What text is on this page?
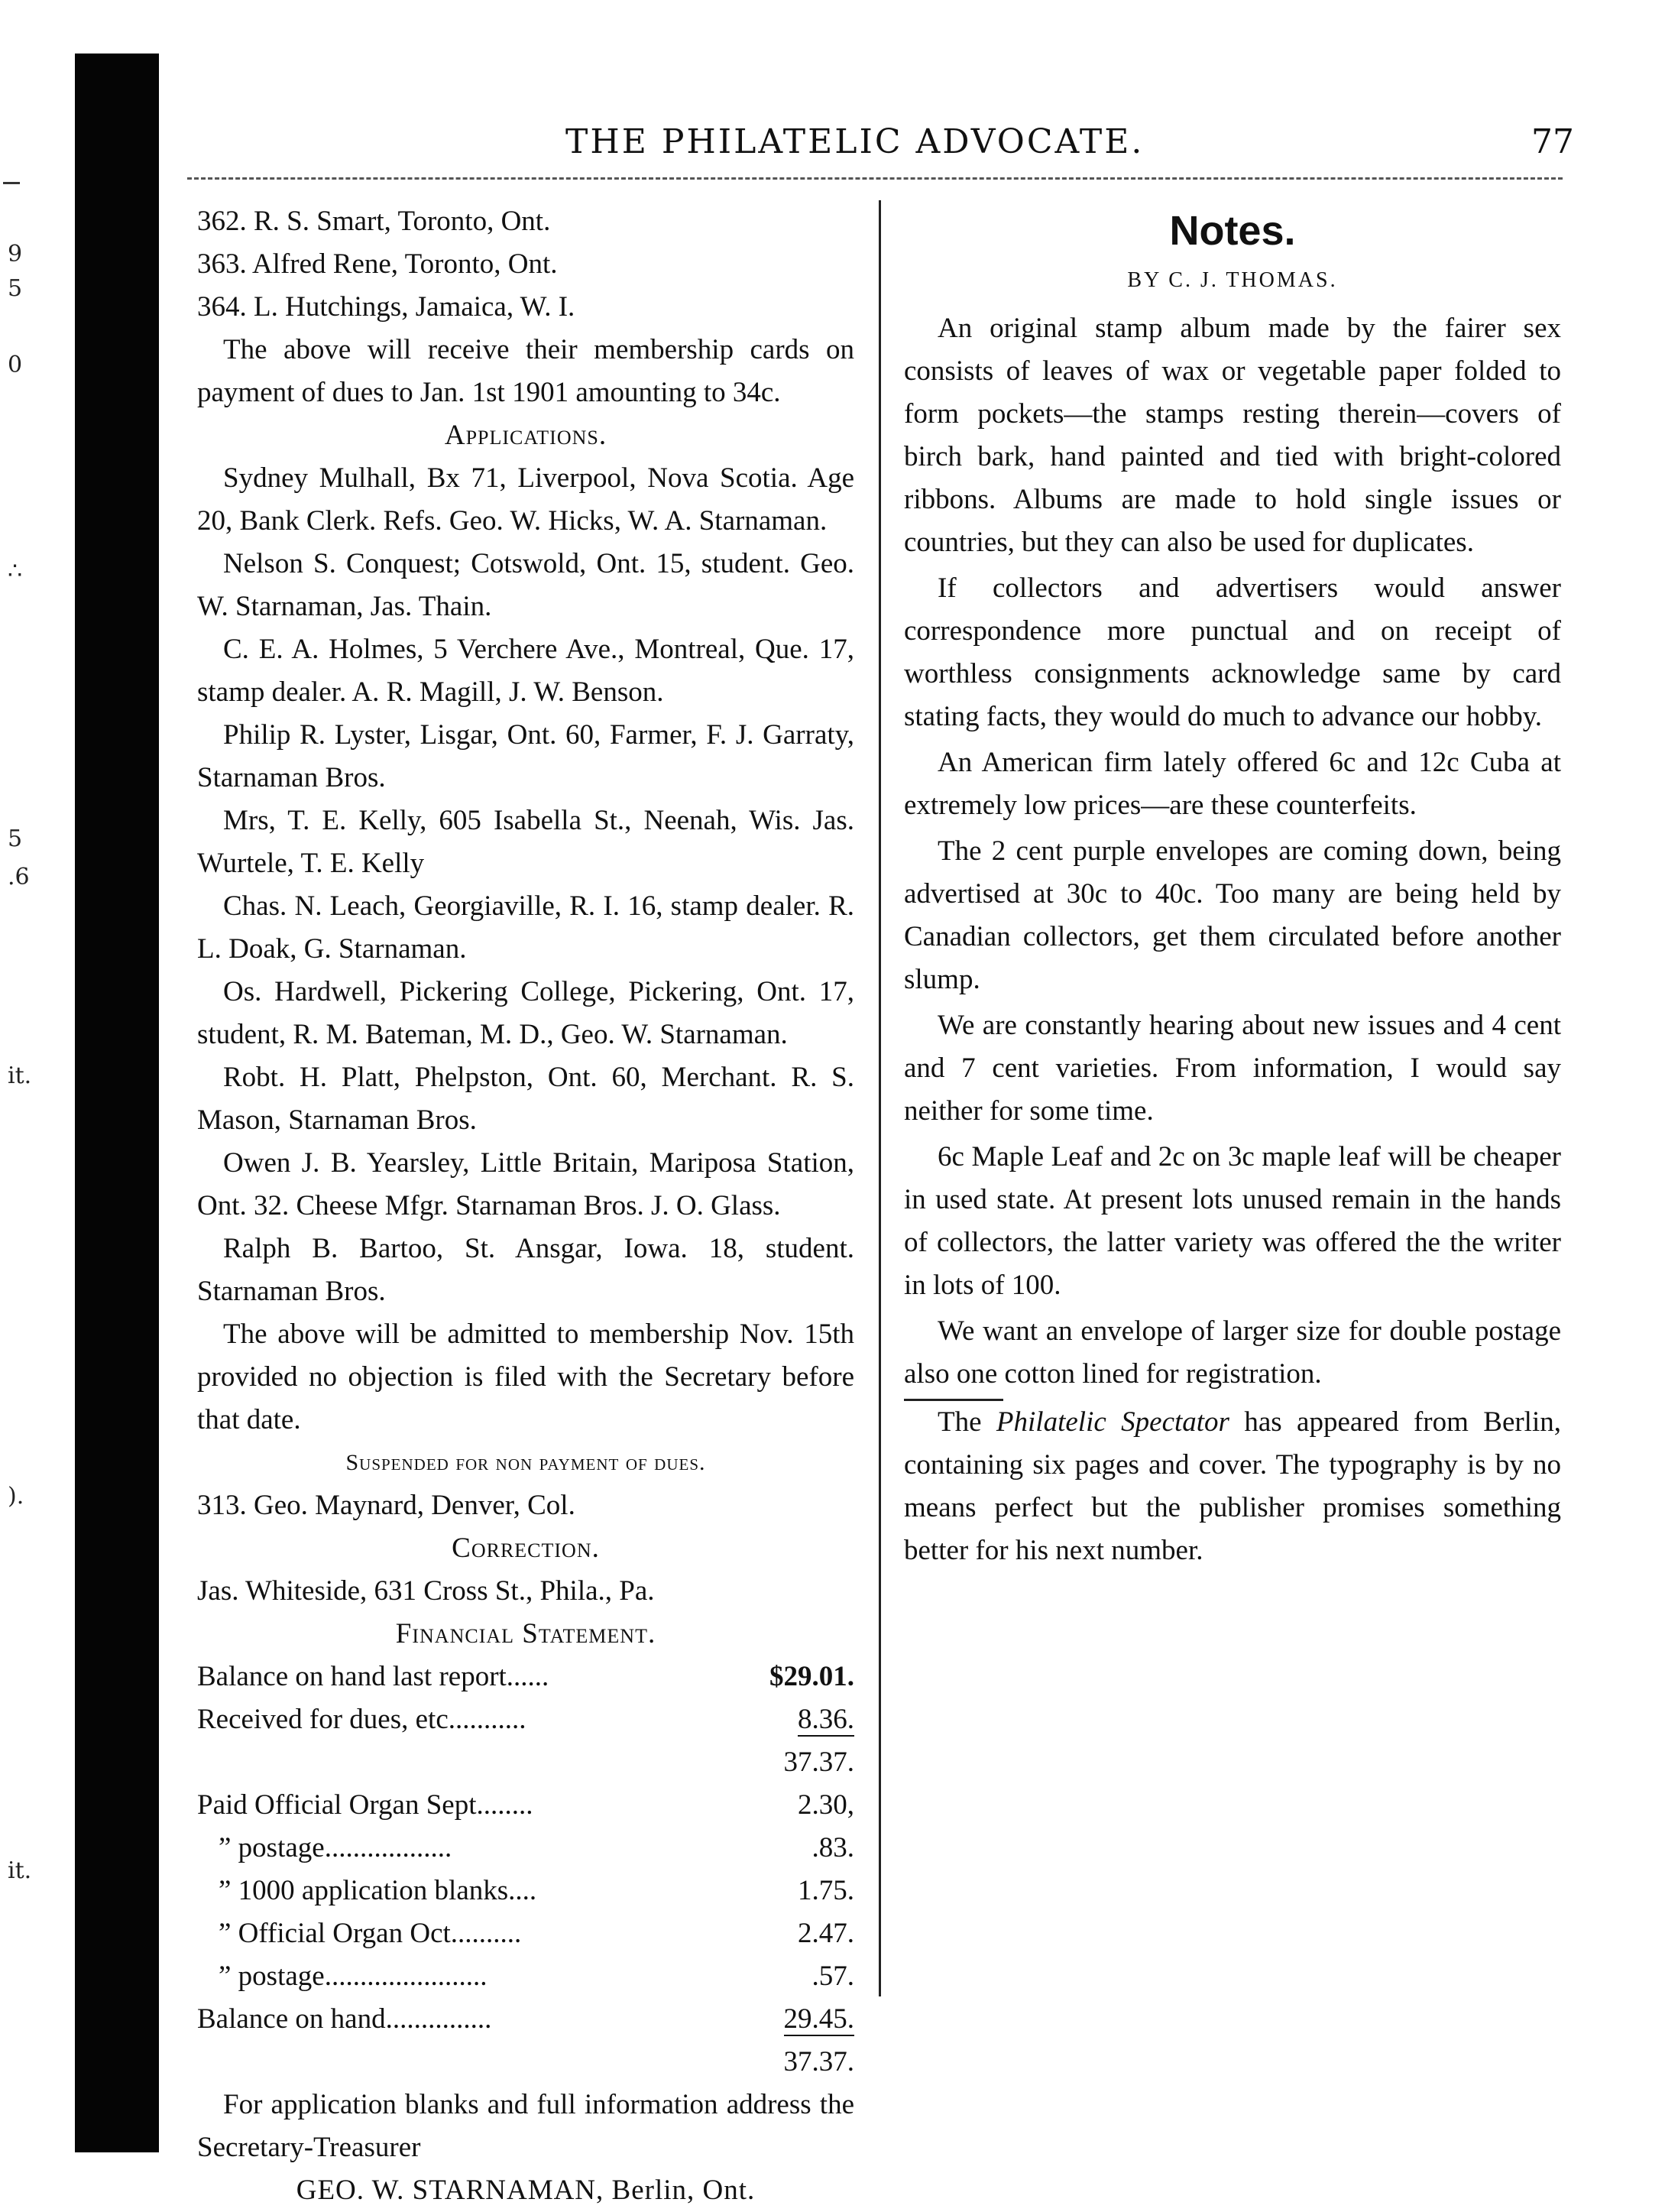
9
5
0
∴
5
.6
it.
).
it.
THE PHILATELIC ADVOCATE.	77
362. R. S. Smart, Toronto, Ont.
363. Alfred Rene, Toronto, Ont.
364. L. Hutchings, Jamaica, W. I.

The above will receive their membership cards on payment of dues to Jan. 1st 1901 amounting to 34c.

Applications.

Sydney Mulhall, Bx 71, Liverpool, Nova Scotia. Age 20, Bank Clerk. Refs. Geo. W. Hicks, W. A. Starnaman.

Nelson S. Conquest; Cotswold, Ont. 15, student. Geo. W. Starnaman, Jas. Thain.

C. E. A. Holmes, 5 Verchere Ave., Montreal, Que. 17, stamp dealer. A. R. Magill, J. W. Benson.

Philip R. Lyster, Lisgar, Ont. 60, Farmer, F. J. Garraty, Starnaman Bros.

Mrs, T. E. Kelly, 605 Isabella St., Neenah, Wis. Jas. Wurtele, T. E. Kelly

Chas. N. Leach, Georgiaville, R. I. 16, stamp dealer. R. L. Doak, G. Starnaman.

Os. Hardwell, Pickering College, Pickering, Ont. 17, student, R. M. Bateman, M. D., Geo. W. Starnaman.

Robt. H. Platt, Phelpston, Ont. 60, Merchant. R. S. Mason, Starnaman Bros.

Owen J. B. Yearsley, Little Britain, Mariposa Station, Ont. 32. Cheese Mfgr. Starnaman Bros. J. O. Glass.

Ralph B. Bartoo, St. Ansgar, Iowa. 18, student. Starnaman Bros.

The above will be admitted to membership Nov. 15th provided no objection is filed with the Secretary before that date.

Suspended for non payment of dues.
313. Geo. Maynard, Denver, Col.
Correction.
Jas. Whiteside, 631 Cross St., Phila., Pa.
Financial Statement.
Balance on hand last report......	$29.01.
Received for dues, etc...........	8.36.
37.37.
Paid Official Organ Sept........	2.30,
” postage..................	.83.
” 1000 application blanks....	1.75.
” Official Organ Oct..........	2.47.
” postage.......................	.57.
Balance on hand...............	29.45.
37.37.

For application blanks and full information address the Secretary-Treasurer

GEO. W. STARNAMAN, Berlin, Ont.
Notes.
BY C. J. THOMAS.

An original stamp album made by the fairer sex consists of leaves of wax or vegetable paper folded to form pockets—the stamps resting therein—covers of birch bark, hand painted and tied with bright-colored ribbons. Albums are made to hold single issues or countries, but they can also be used for duplicates.

If collectors and advertisers would answer correspondence more punctual and on receipt of worthless consignments acknowledge same by card stating facts, they would do much to advance our hobby.

An American firm lately offered 6c and 12c Cuba at extremely low prices—are these counterfeits.

The 2 cent purple envelopes are coming down, being advertised at 30c to 40c. Too many are being held by Canadian collectors, get them circulated before another slump.

We are constantly hearing about new issues and 4 cent and 7 cent varieties. From information, I would say neither for some time.

6c Maple Leaf and 2c on 3c maple leaf will be cheaper in used state. At present lots unused remain in the hands of collectors, the latter variety was offered the the writer in lots of 100.

We want an envelope of larger size for double postage also one cotton lined for registration.

The Philatelic Spectator has appeared from Berlin, containing six pages and cover. The typography is by no means perfect but the publisher promises something better for his next number.
